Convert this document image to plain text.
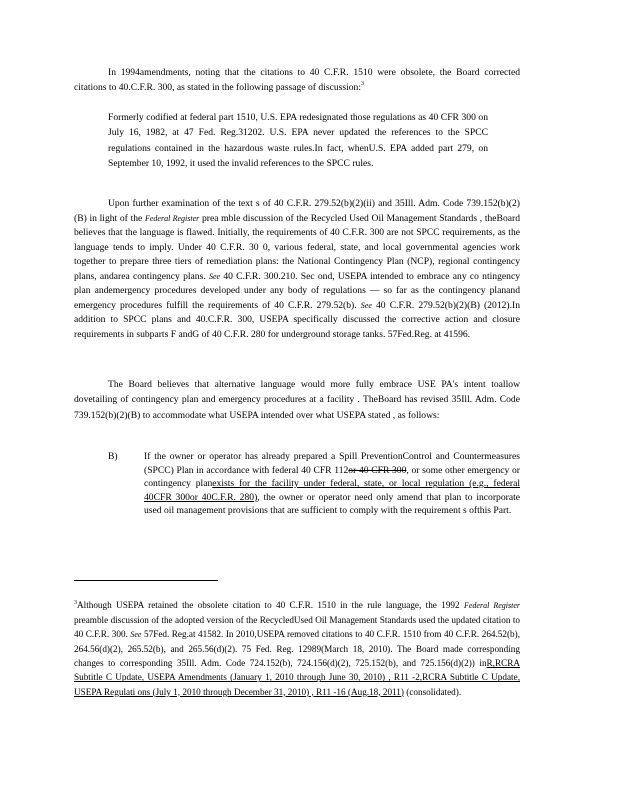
In 1994amendments, noting that the citations to 40 C.F.R. 1510 were obsolete, the Board corrected citations to 40.C.F.R. 300, as stated in the following passage of discussion:$^3$
Formerly codified at federal part 1510, U.S. EPA redesignated those regulations as 40 CFR 300 on July 16, 1982, at 47 Fed. Reg.31202. U.S. EPA never updated the references to the SPCC regulations contained in the hazardous waste rules.In fact, whenU.S. EPA added part 279, on September 10, 1992, it used the invalid references to the SPCC rules.
Upon further examination of the text s of 40 C.F.R. 279.52(b)(2)(ii) and 35Ill. Adm. Code 739.152(b)(2)(B) in light of the Federal Register prea mble discussion of the Recycled Used Oil Management Standards , theBoard believes that the language is flawed. Initially, the requirements of 40 C.F.R. 300 are not SPCC requirements, as the language tends to imply. Under 40 C.F.R. 30 0, various federal, state, and local governmental agencies work together to prepare three tiers of remediation plans: the National Contingency Plan (NCP), regional contingency plans, andarea contingency plans. See 40 C.F.R. 300.210. Sec ond, USEPA intended to embrace any co ntingency plan andemergency procedures developed under any body of regulations — so far as the contingency planand emergency procedures fulfill the requirements of 40 C.F.R. 279.52(b). See 40 C.F.R. 279.52(b)(2)(B) (2012).In addition to SPCC plans and 40.C.F.R. 300, USEPA specifically discussed the corrective action and closure requirements in subparts F andG of 40 C.F.R. 280 for underground storage tanks. 57Fed.Reg. at 41596.
The Board believes that alternative language would more fully embrace USE PA's intent toallow dovetailing of contingency plan and emergency procedures at a facility . TheBoard has revised 35Ill. Adm. Code 739.152(b)(2)(B) to accommodate what USEPA intended over what USEPA stated , as follows:
B)	If the owner or operator has already prepared a Spill PreventionControl and Countermeasures (SPCC) Plan in accordance with federal 40 CFR 112or 40 CFR 300, or some other emergency or contingency planexists for the facility under federal, state, or local regulation (e.g., federal 40CFR 300or 40C.F.R. 280), the owner or operator need only amend that plan to incorporate used oil management provisions that are sufficient to comply with the requirement s ofthis Part.
$^3$Although USEPA retained the obsolete citation to 40 C.F.R. 1510 in the rule language, the 1992 Federal Register preamble discussion of the adopted version of the RecycledUsed Oil Management Standards used the updated citation to 40 C.F.R. 300. See 57Fed. Reg.at 41582. In 2010,USEPA removed citations to 40 C.F.R. 1510 from 40 C.F.R. 264.52(b), 264.56(d)(2), 265.52(b), and 265.56(d)(2). 75 Fed. Reg. 12989(March 18, 2010). The Board made corresponding changes to corresponding 35Ill. Adm. Code 724.152(b), 724.156(d)(2), 725.152(b), and 725.156(d)(2)) inR,RCRA Subtitle C Update, USEPA Amendments (January 1, 2010 through June 30, 2010) , R11 -2,RCRA Subtitle C Update, USEPA Regulati ons (July 1, 2010 through December 31, 2010) , R11 -16 (Aug.18, 2011) (consolidated).
